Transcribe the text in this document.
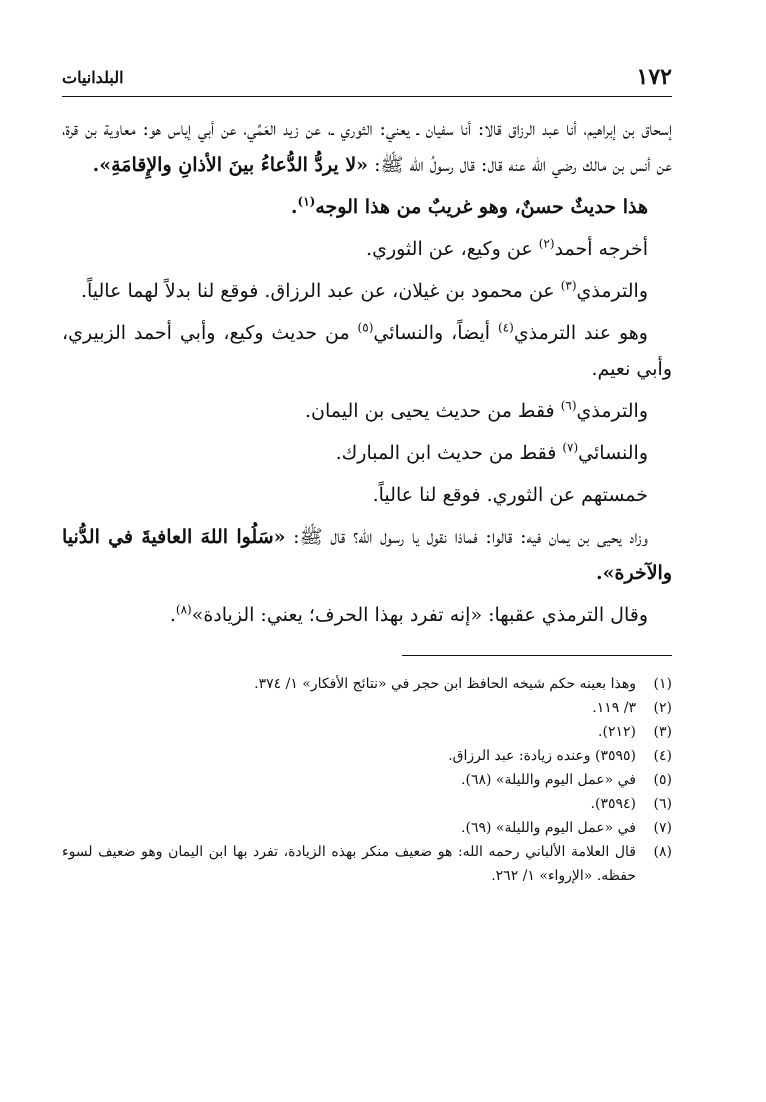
١٧٢
البلدانيات

إسحاق بن إبراهيم، أنا عبد الرزاق قالا: أنا سفيان ـ يعني: الثوري ـ، عن زيد العَمِّي، عن أبي إياس هو: معاوية بن قرة، عن أنس بن مالك رضي الله عنه قال: قال رسولُ الله ﷺ: «لا يردُّ الدُّعاءُ بينَ الأذانِ والإِقامَةِ».

هذا حديثٌ حسنٌ، وهو غريبٌ من هذا الوجه$^{(١)}$.

أخرجه أحمد$^{(٢)}$ عن وكيع، عن الثوري.

والترمذي$^{(٣)}$ عن محمود بن غيلان، عن عبد الرزاق. فوقع لنا بدلاً لهما عالياً.

وهو عند الترمذي$^{(٤)}$ أيضاً، والنسائي$^{(٥)}$ من حديث وكيع، وأبي أحمد الزبيري، وأبي نعيم.

والترمذي$^{(٦)}$ فقط من حديث يحيى بن اليمان.

والنسائي$^{(٧)}$ فقط من حديث ابن المبارك.

خمستهم عن الثوري. فوقع لنا عالياً.

وزاد يحيى بن يمان فيه: قالوا: فماذا نقول يا رسول الله؟ قال ﷺ: «سَلُوا اللهَ العافيةَ في الدُّنيا والآخرة».

وقال الترمذي عقبها: «إنه تفرد بهذا الحرف؛ يعني: الزيادة»$^{(٨)}$.

(١)
وهذا بعينه حكم شيخه الحافظ ابن حجر في «نتائج الأفكار» ١/ ٣٧٤.
(٢)
٣/ ١١٩.
(٣)
(٢١٢).
(٤)
(٣٥٩٥) وعنده زيادة: عبد الرزاق.
(٥)
في «عمل اليوم والليلة» (٦٨).
(٦)
(٣٥٩٤).
(٧)
في «عمل اليوم والليلة» (٦٩).
(٨)
قال العلامة الألباني رحمه الله: هو ضعيف منكر بهذه الزيادة، تفرد بها ابن اليمان وهو ضعيف لسوء حفظه. «الإرواء» ١/ ٢٦٢.
